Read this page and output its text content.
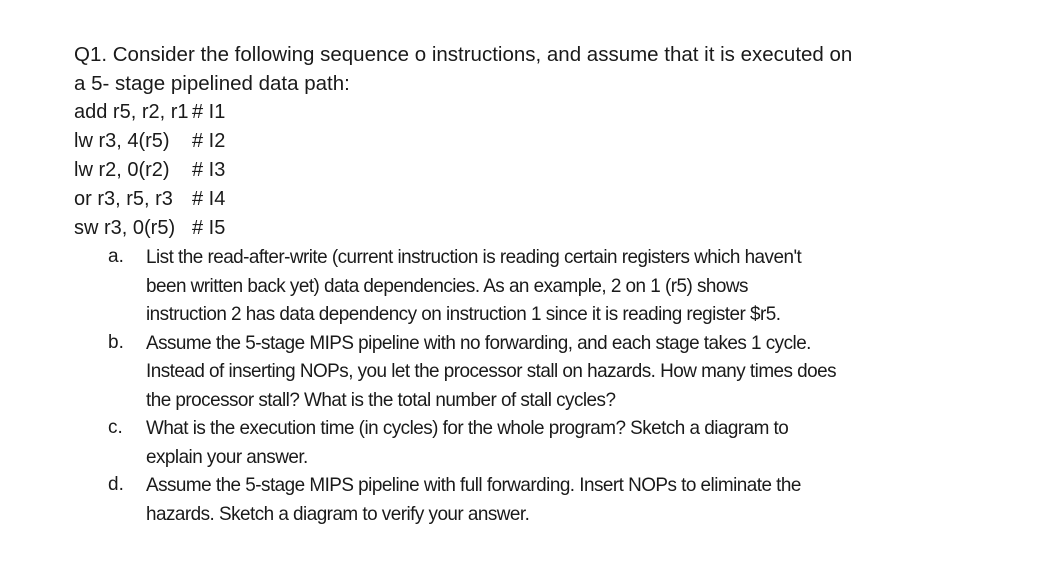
Q1. Consider the following sequence o instructions, and assume that it is executed on
a 5- stage pipelined data path:
add r5, r2, r1 # I1
lw r3, 4(r5)	# I2
lw r2, 0(r2)	# I3
or r3, r5, r3 # I4
sw r3, 0(r5) # I5
a.	List the read-after-write (current instruction is reading certain registers which haven't
been written back yet) data dependencies. As an example, 2 on 1 (r5) shows
instruction 2 has data dependency on instruction 1 since it is reading register $r5.
b.	Assume the 5-stage MIPS pipeline with no forwarding, and each stage takes 1 cycle.
Instead of inserting NOPs, you let the processor stall on hazards. How many times does
the processor stall? What is the total number of stall cycles?
c.	What is the execution time (in cycles) for the whole program? Sketch a diagram to
explain your answer.
d.	Assume the 5-stage MIPS pipeline with full forwarding. Insert NOPs to eliminate the
hazards. Sketch a diagram to verify your answer.
